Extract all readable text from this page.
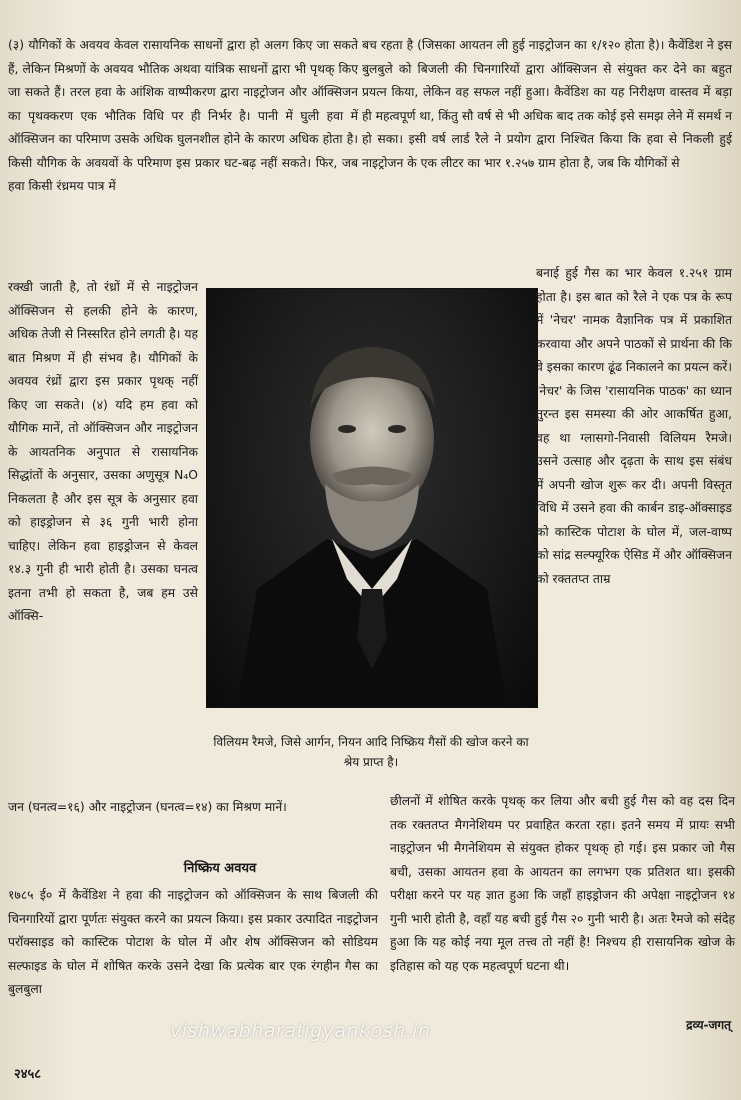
(३) यौगिकों के अवयव केवल रासायनिक साधनों द्वारा हो अलग किए जा सकते हैं, लेकिन मिश्रणों के अवयव भौतिक अथवा यांत्रिक साधनों द्वारा भी पृथक् किए जा सकते हैं। तरल हवा के आंशिक वाष्पीकरण द्वारा नाइट्रोजन और ऑक्सिजन का पृथक्करण एक भौतिक विधि पर ही निर्भर है। पानी में घुली हवा में ऑक्सिजन का परिमाण उसके अधिक घुलनशील होने के कारण अधिक होता है। किसी यौगिक के अवयवों के परिमाण इस प्रकार घट-बढ़ नहीं सकते। फिर, जब हवा किसी रंध्रमय पात्र में

बच रहता है (जिसका आयतन ली हुई नाइट्रोजन का १/१२० होता है)। कैवेंडिश ने इस बुलबुले को बिजली की चिनगारियों द्वारा ऑक्सिजन से संयुक्त कर देने का बहुत प्रयत्न किया, लेकिन वह सफल नहीं हुआ। कैवेंडिश का यह निरीक्षण वास्तव में बड़ा ही महत्वपूर्ण था, किंतु सौ वर्ष से भी अधिक बाद तक कोई इसे समझ लेने में समर्थ न हो सका। इसी वर्ष लार्ड रैले ने प्रयोग द्वारा निश्चित किया कि हवा से निकली हुई नाइट्रोजन के एक लीटर का भार १.२५७ ग्राम होता है, जब कि यौगिकों से

रक्खी जाती है, तो रंध्रों में से नाइट्रोजन ऑक्सिजन से हलकी होने के कारण, अधिक तेजी से निस्सरित होने लगती है। यह बात मिश्रण में ही संभव है। यौगिकों के अवयव रंध्रों द्वारा इस प्रकार पृथक् नहीं किए जा सकते। (४) यदि हम हवा को यौगिक मानें, तो ऑक्सिजन और नाइट्रोजन के आयतनिक अनुपात से रासायनिक सिद्धांतों के अनुसार, उसका अणुसूत्र N₄O निकलता है और इस सूत्र के अनुसार हवा को हाइड्रोजन से ३६ गुनी भारी होना चाहिए। लेकिन हवा हाइड्रोजन से केवल १४.३ गुनी ही भारी होती है। उसका घनत्व इतना तभी हो सकता है, जब हम उसे ऑक्सि-

बनाई हुई गैस का भार केवल १.२५१ ग्राम होता है। इस बात को रैले ने एक पत्र के रूप में 'नेचर' नामक वैज्ञानिक पत्र में प्रकाशित करवाया और अपने पाठकों से प्रार्थना की कि वे इसका कारण ढूंढ निकालने का प्रयत्न करें। 'नेचर' के जिस 'रासायनिक पाठक' का ध्यान तुरन्त इस समस्या की ओर आकर्षित हुआ, वह था ग्लासगो-निवासी विलियम रैमजे। उसने उत्साह और दृढ़ता के साथ इस संबंध में अपनी खोज शुरू कर दी। अपनी विस्तृत विधि में उसने हवा की कार्बन डाइ-ऑक्साइड को कास्टिक पोटाश के घोल में, जल-वाष्प को सांद्र सल्फ्यूरिक ऐसिड में और ऑक्सिजन को रक्ततप्त ताम्र

विलियम रैमजे, जिसे आर्गन, नियन आदि निष्क्रिय गैसों की खोज करने का श्रेय प्राप्त है।

जन (घनत्व=१६) और नाइट्रोजन (घनत्व=१४) का मिश्रण मानें।

निष्क्रिय अवयव

१७८५ ई० में कैवेंडिश ने हवा की नाइट्रोजन को ऑक्सिजन के साथ बिजली की चिनगारियों द्वारा पूर्णतः संयुक्त करने का प्रयत्न किया। इस प्रकार उत्पादित नाइट्रोजन परॉक्साइड को कास्टिक पोटाश के घोल में और शेष ऑक्सिजन को सोडियम सल्फाइड के घोल में शोषित करके उसने देखा कि प्रत्येक बार एक रंगहीन गैस का बुलबुला

छीलनों में शोषित करके पृथक् कर लिया और बची हुई गैस को वह दस दिन तक रक्ततप्त मैगनेशियम पर प्रवाहित करता रहा। इतने समय में प्रायः सभी नाइट्रोजन भी मैगनेशियम से संयुक्त होकर पृथक् हो गई। इस प्रकार जो गैस बची, उसका आयतन हवा के आयतन का लगभग एक प्रतिशत था। इसकी परीक्षा करने पर यह ज्ञात हुआ कि जहाँ हाइड्रोजन की अपेक्षा नाइट्रोजन १४ गुनी भारी होती है, वहाँ यह बची हुई गैस २० गुनी भारी है। अतः रैमजे को संदेह हुआ कि यह कोई नया मूल तत्त्व तो नहीं है! निश्चय ही रासायनिक खोज के इतिहास को यह एक महत्वपूर्ण घटना थी।

द्रव्य-जगत्
vishwabharatigyankosh.in
२४५८
